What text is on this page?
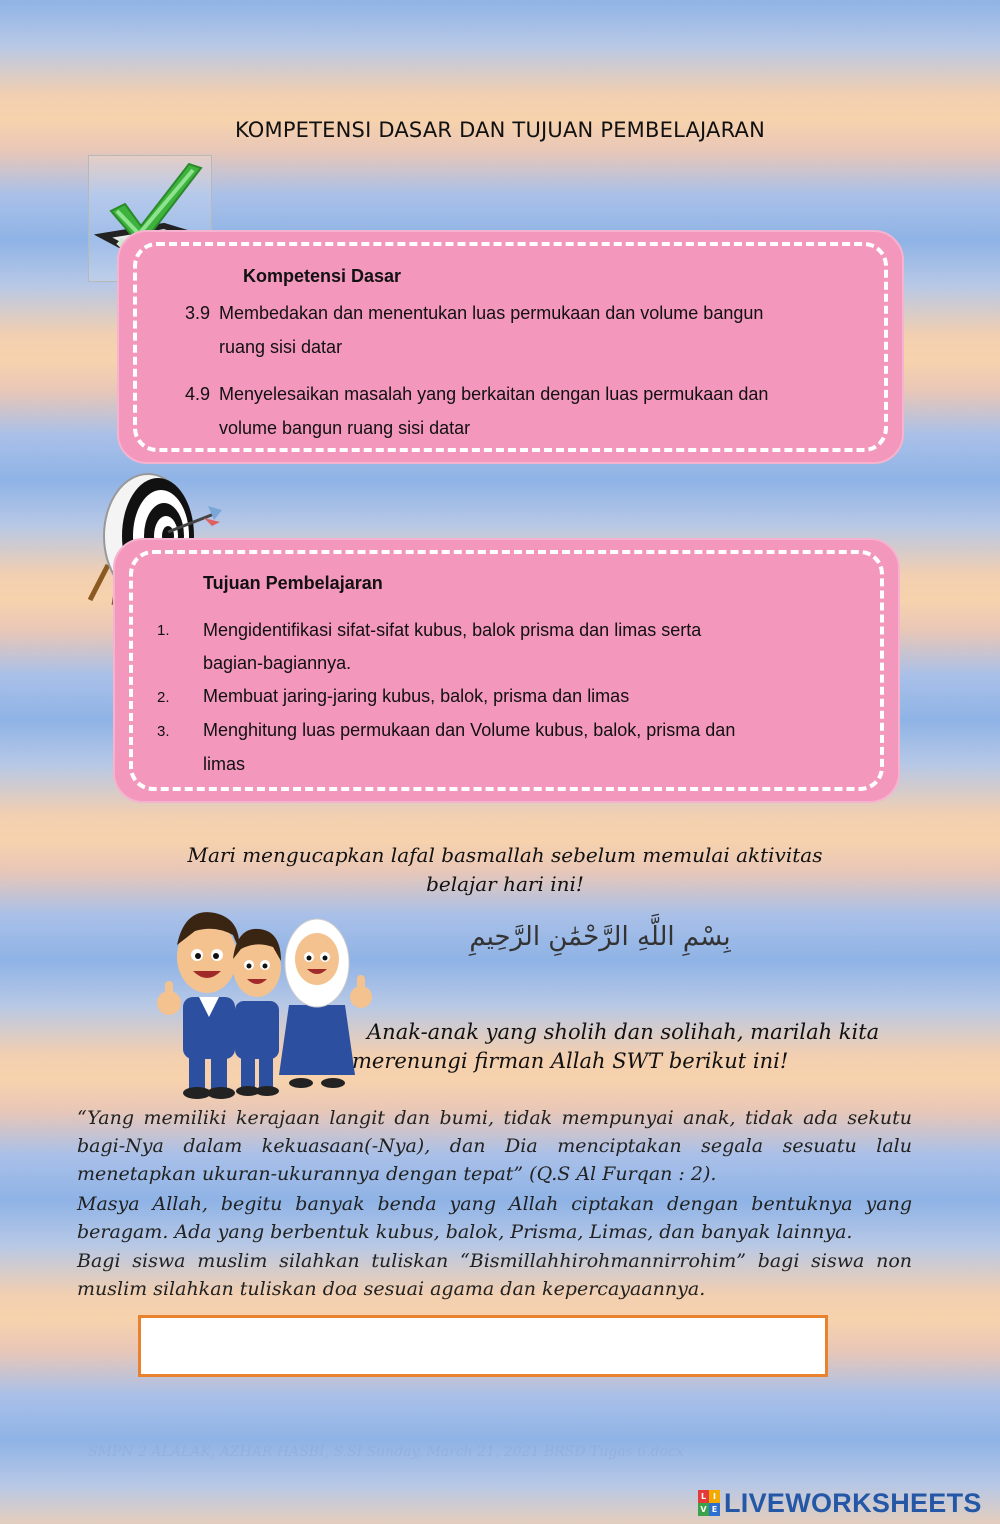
KOMPETENSI DASAR DAN TUJUAN PEMBELAJARAN
Kompetensi Dasar
3.9 Membedakan dan menentukan luas permukaan dan volume bangun
ruang sisi datar
4.9 Menyelesaikan masalah yang berkaitan dengan luas permukaan dan
volume bangun ruang sisi datar
Tujuan Pembelajaran
1. Mengidentifikasi sifat-sifat kubus, balok prisma dan limas serta
bagian-bagiannya.
2. Membuat jaring-jaring kubus, balok, prisma dan limas
3. Menghitung luas permukaan dan Volume kubus, balok, prisma dan
limas
Mari mengucapkan lafal basmallah sebelum memulai aktivitas
belajar hari ini!
بِسْمِ اللَّهِ الرَّحْمَٰنِ الرَّحِيمِ
Anak-anak yang sholih dan solihah, marilah kita
merenungi firman Allah SWT berikut ini!

“Yang memiliki kerajaan langit dan bumi, tidak mempunyai anak, tidak ada sekutu bagi-Nya dalam kekuasaan(-Nya), dan Dia menciptakan segala sesuatu lalu menetapkan ukuran-ukurannya dengan tepat” (Q.S Al Furqan : 2).

Masya Allah, begitu banyak benda yang Allah ciptakan dengan bentuknya yang beragam. Ada yang berbentuk kubus, balok, Prisma, Limas, dan banyak lainnya.

Bagi siswa muslim silahkan tuliskan “Bismillahhirohmannirrohim” bagi siswa non muslim silahkan tuliskan doa sesuai agama dan kepercayaannya.

SMPN 2 ALALAK, AZHAR HASBI, S.SI Sunday, March 21, 2021 BRSD Tugas 6.docx
L I
V E LIVEWORKSHEETS
